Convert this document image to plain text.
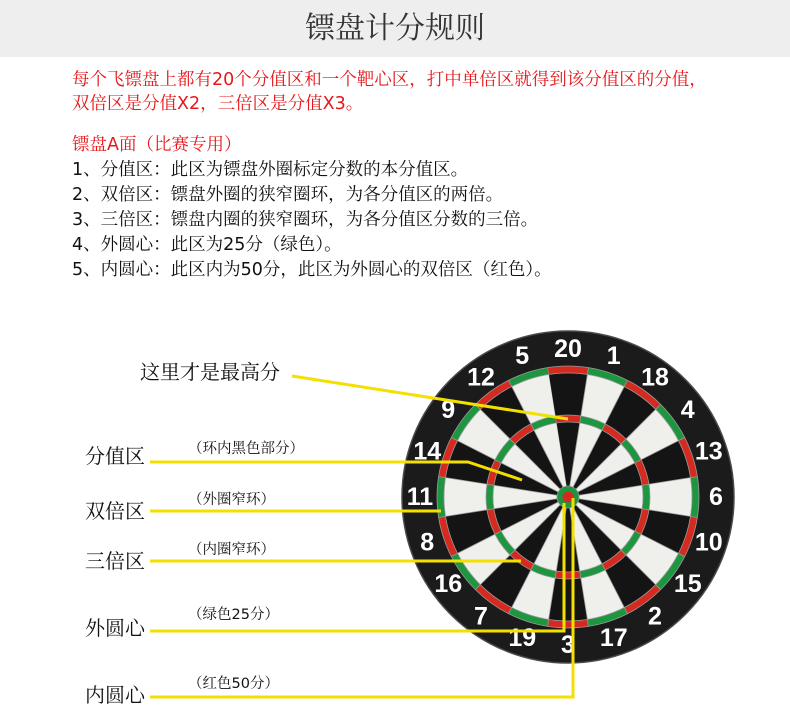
镖盘计分规则
每个飞镖盘上都有20个分值区和一个靶心区，打中单倍区就得到该分值区的分值，
双倍区是分值X2，三倍区是分值X3。
镖盘A面（比赛专用）
1、分值区：此区为镖盘外圈标定分数的本分值区。
2、双倍区：镖盘外圈的狭窄圈环，为各分值区的两倍。
3、三倍区：镖盘内圈的狭窄圈环，为各分值区分数的三倍。
4、外圆心：此区为25分（绿色）。
5、内圆心：此区内为50分，此区为外圆心的双倍区（红色）。
20 1
18
4
13
6
10
15
2
17
3
19
7
16
8
11
14
9
12
5
这里才是最高分
分值区	（环内黑色部分）
双倍区	（外圈窄环）
三倍区	（内圈窄环）
外圆心
（绿色25分）
内圆心	（红色50分）
